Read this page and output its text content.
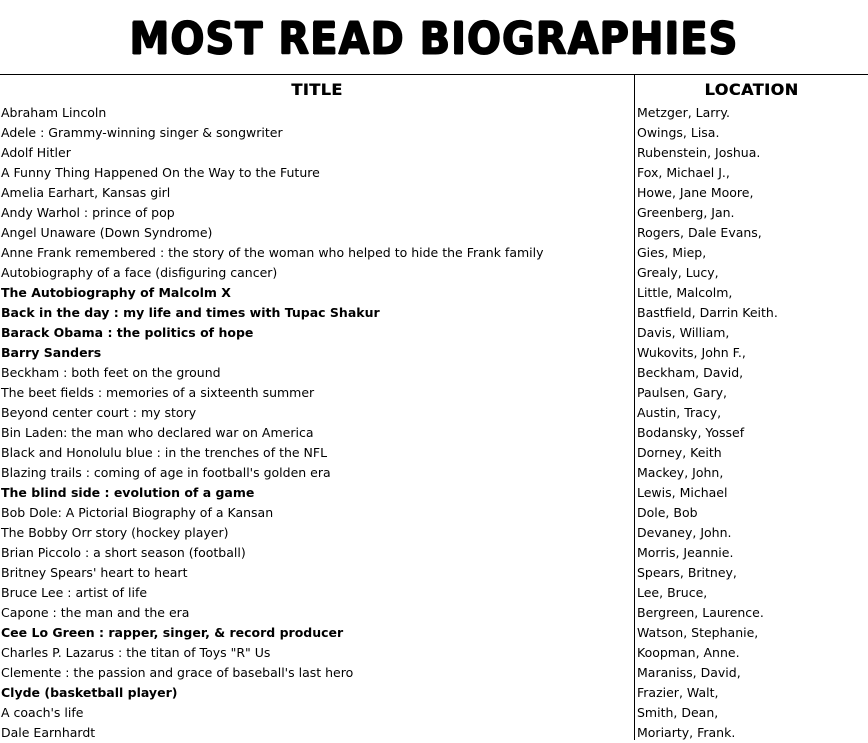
MOST READ BIOGRAPHIES
TITLE	LOCATION
Abraham Lincoln	Metzger, Larry.
Adele : Grammy-winning singer & songwriter	Owings, Lisa.
Adolf Hitler	Rubenstein, Joshua.
A Funny Thing Happened On the Way to the Future	Fox, Michael J.,
Amelia Earhart, Kansas girl	Howe, Jane Moore,
Andy Warhol : prince of pop	Greenberg, Jan.
Angel Unaware (Down Syndrome)	Rogers, Dale Evans,
Anne Frank remembered : the story of the woman who helped to hide the Frank family	Gies, Miep,
Autobiography of a face (disfiguring cancer)	Grealy, Lucy,
The Autobiography of Malcolm X	Little, Malcolm,
Back in the day : my life and times with Tupac Shakur	Bastfield, Darrin Keith.
Barack Obama : the politics of hope	Davis, William,
Barry Sanders	Wukovits, John F.,
Beckham : both feet on the ground	Beckham, David,
The beet fields : memories of a sixteenth summer	Paulsen, Gary,
Beyond center court : my story	Austin, Tracy,
Bin Laden: the man who declared war on America	Bodansky, Yossef
Black and Honolulu blue : in the trenches of the NFL	Dorney, Keith
Blazing trails : coming of age in football's golden era	Mackey, John,
The blind side : evolution of a game	Lewis, Michael
Bob Dole: A Pictorial Biography of a Kansan	Dole, Bob
The Bobby Orr story (hockey player)	Devaney, John.
Brian Piccolo : a short season (football)	Morris, Jeannie.
Britney Spears' heart to heart	Spears, Britney,
Bruce Lee : artist of life	Lee, Bruce,
Capone : the man and the era	Bergreen, Laurence.
Cee Lo Green : rapper, singer, & record producer	Watson, Stephanie,
Charles P. Lazarus : the titan of Toys "R" Us	Koopman, Anne.
Clemente : the passion and grace of baseball's last hero	Maraniss, David,
Clyde (basketball player)	Frazier, Walt,
A coach's life	Smith, Dean,
Dale Earnhardt	Moriarty, Frank.
